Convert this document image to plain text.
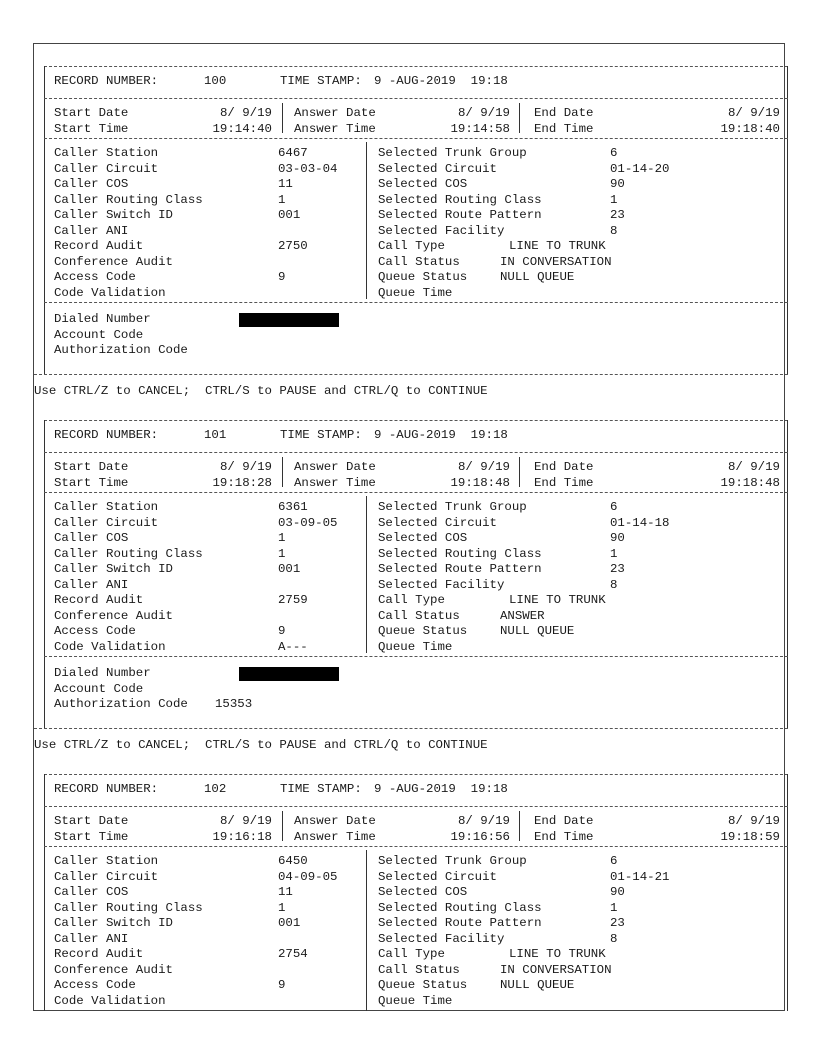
RECORD NUMBER:	100	TIME STAMP: 9 -AUG-2019  19:18
Start Date	8/ 9/19
Start Time	19:14:40
Answer Date	8/ 9/19
Answer Time	19:14:58
End Date	8/ 9/19
End Time	19:18:40
Caller Station	6467
Caller Circuit	03-03-04
Caller COS	11
Caller Routing Class	1
Caller Switch ID	001
Caller ANI
Record Audit	2750
Conference Audit
Access Code	9
Code Validation
Selected Trunk Group	6
Selected Circuit	01-14-20
Selected COS	90
Selected Routing Class	1
Selected Route Pattern	23
Selected Facility	8
Call Type	LINE TO TRUNK
Call Status	IN CONVERSATION
Queue Status	NULL QUEUE
Queue Time
Dialed Number
Account Code
Authorization Code
Use CTRL/Z to CANCEL;  CTRL/S to PAUSE and CTRL/Q to CONTINUE
RECORD NUMBER:	101	TIME STAMP: 9 -AUG-2019  19:18
Start Date	8/ 9/19
Start Time	19:18:28
Answer Date	8/ 9/19
Answer Time	19:18:48
End Date	8/ 9/19
End Time	19:18:48
Caller Station	6361
Caller Circuit	03-09-05
Caller COS	1
Caller Routing Class	1
Caller Switch ID	001
Caller ANI
Record Audit	2759
Conference Audit
Access Code	9
Code Validation	A---
Selected Trunk Group	6
Selected Circuit	01-14-18
Selected COS	90
Selected Routing Class	1
Selected Route Pattern	23
Selected Facility	8
Call Type	LINE TO TRUNK
Call Status	ANSWER
Queue Status	NULL QUEUE
Queue Time
Dialed Number
Account Code
Authorization Code 15353
Use CTRL/Z to CANCEL;  CTRL/S to PAUSE and CTRL/Q to CONTINUE
RECORD NUMBER:	102	TIME STAMP: 9 -AUG-2019  19:18
Start Date	8/ 9/19
Start Time	19:16:18
Answer Date	8/ 9/19
Answer Time	19:16:56
End Date	8/ 9/19
End Time	19:18:59
Caller Station	6450
Caller Circuit	04-09-05
Caller COS	11
Caller Routing Class	1
Caller Switch ID	001
Caller ANI
Record Audit	2754
Conference Audit
Access Code	9
Code Validation
Selected Trunk Group	6
Selected Circuit	01-14-21
Selected COS	90
Selected Routing Class	1
Selected Route Pattern	23
Selected Facility	8
Call Type	LINE TO TRUNK
Call Status	IN CONVERSATION
Queue Status	NULL QUEUE
Queue Time
